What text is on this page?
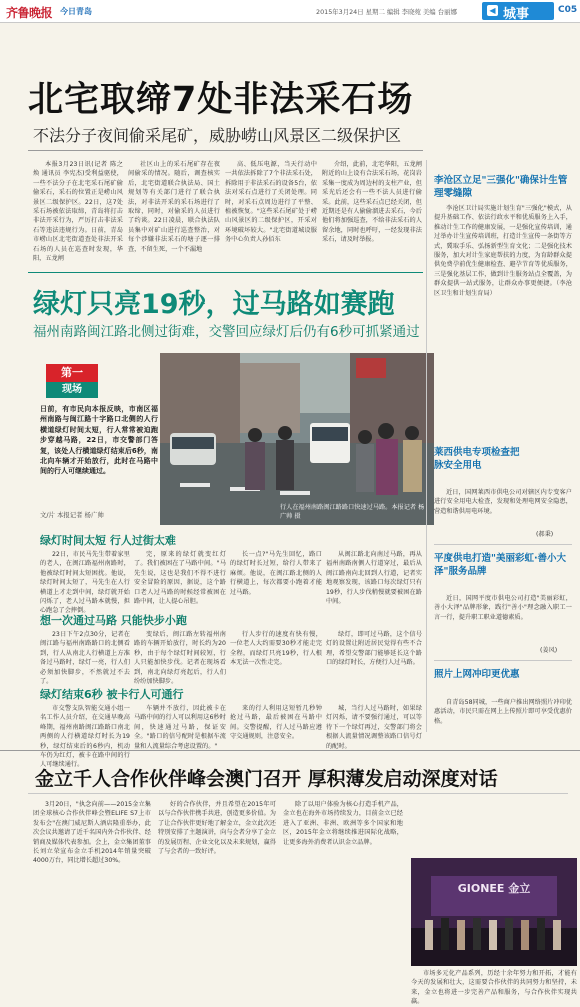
齐鲁晚报 今日青岛	2015年3月24日 星期二 编辑 李晓菀 美编 台丽娜	◀ 城事	C05
北宅取缔7处非法采石场
不法分子夜间偷采尾矿，威胁崂山风景区二级保护区

本报3月23日讯(记者 陈之焕 通讯员 李宪杰)受利益驱使，一些不法分子在北宅采石尾矿偷偷采石，采石的位置正是崂山风景区二级保护区。22日，这7处采石场被依法取缔，青岛将打击非法开采行为，严厉打击非法采石等违法违规行为。日前，青岛市崂山区北宅街道查处非法开采石场的人员在巡查时发现，华阳，五龙闸

社区山上的采石尾矿存在夜间偷采的情况。随后，调查核实后，北宅街道联合执法局、国土规划等有关部门进行了联合执法，对非法开采的采石场进行了取缔，同时，对偷采的人员进行了约谈。22日凌晨，联合执法队员集中对矿山进行巡查整治，对每个涉嫌非法采石的塘子逐一排查，不留生死，一个不漏地

高、低压电源，当天行动中一共依法拆除了7个非法采石处，拆除用于非法采石的设备5台，依法对采石点进行了关闭处理。同时，对采石点周边进行了平整、植被恢复。"这些采石尾矿处于崂山风景区的二级保护区，开采对环境破坏较大。"北宅街道城设服务中心负责人孙佰东

介绍，此前，北宅华阳，五龙闸附近的山上设有合法采石场，花岗岩采集一度成为周边村的支柱产业，但采光后还会有一些不法人员进行偷采。此前，这些采石点已经关闭，但近期还是有人偷偷溜进去采石，今后他们将加强巡查，不给非法采石的人留余地，同时也呼吁，一经发现非法采石，请及时举报。

绿灯只亮19秒，过马路如赛跑
福州南路闽江路北侧过街难，交警回应绿灯后仍有6秒可抓紧通过
第一
现场
日前，有市民向本报反映，市南区福州南路与闽江路十字路口北侧的人行横道绿灯时间太短，行人常常被迫跑步穿越马路，22日，市交警部门答复，该处人行横道绿灯结束后6秒，南北向车辆才开始放行，此时在马路中间的行人可继续通过。
文/片 本报记者 杨广帅
行人在福州南路闽江路路口快速过马路。本报记者 杨广帅 摄
绿灯时间太短 行人过街太难

22日，市民马先生带着家里的老人，在闽江路福州南路时，他被绿灯时间太短困扰。他说，绿灯时间太短了，马先生在人行横道上才走到中间，绿灯就开始闪烁了，老人过马路本就慢，担心跑急了会摔倒。

完，原来的绿灯就变红灯了。我们被困在了马路中间。"马先生说，这也是我们不得不进行安全冒险的原因，据说，这个路口老人过马路的时候经常被困在路中间，让人提心吊胆。

长一点?"马先生回忆，路口的绿灯时长过短，给行人带来了麻烦。他说，在闽江路北侧的人行横道上，每次都要小跑着才能过马路。

从闽江路北向南过马路，再从福州南路南侧人行道穿过，最后从闽江路南向北回到人行道，记者实地观察发现，该路口每次绿灯只有19秒，行人步伐稍慢就要被困在路中间。

想一次通过马路 只能快步小跑

23日下午2点30分，记者在闽江路与福州南路路口的北侧看到，行人从南北人行横道上方准备过马路时，绿灯一亮，行人们必须加快脚步，不然就过不去了。

变绿后，闽江路左转福州南路的车辆开始放行，时长约为20秒，由于每个绿灯时间较短，行人只能加快步伐。记者在现场看到，南北向绿灯亮起后，行人们纷纷加快脚步。

行人步行的速度有快有慢，一位老人大约需要30秒才能走完全程，而绿灯只亮19秒，行人根本无法一次性走完。

绿灯，即可过马路，这个信号灯的设置让附近居民觉得有些不合理，希望交警部门能够延长这个路口的绿灯时长，方便行人过马路。

绿灯结束6秒 被卡行人可通行

市交警支队智能交通小组一名工作人员介绍，在交通早晚高峰期，福州南路闽江路路口南北两侧的人行横道绿灯时长为19秒，绿灯结束后的6秒内，机动车仍为红灯，被卡在路中间的行人可继续通行。

车辆并不放行，因此被卡在马路中间的行人可以利用这6秒时间，快速通过马路，保证安全。"路口的信号配时是根据车流量和人流量综合考虑设置的。"

来的行人利用这短暂几秒钟抢过马路，最后被困在马路中间。交警提醒，行人过马路应遵守交通规则，注意安全。

城，当行人过马路时，如果绿灯闪烁，请不要强行通过，可以等待下一个绿灯再过，交警部门将会根据人流量情况调整该路口信号灯的配时。

李沧区立足"三强化"确保计生管理零缝隙

李沧区卫计局实施计划生育"三强化"模式，从提升基础工作、依法行政水平和优质服务上入手，推动计生工作的健康发展，一是强化宣传培训，通过举办计生宣传培训班，打造计生宣传一条街等方式，冀取手乐、弘扬新型生育文化；二是强化技术服务，加大对计生家庭帮扶的力度，为育龄群众提供免费孕前优生健康检查、避孕节育等优质服务，三是强化基层工作，做到计生服务站点全覆盖，为群众提供一站式服务，让群众办事更便捷。（李沧区卫生和计划生育局）

莱西供电专项检查把脉安全用电

近日，国网莱西市供电公司对辖区内专变客户进行安全用电大检查，发现和处理电网安全隐患，营造和谐供用电环境。

(郝秉)
平度供电打造"美丽彩虹·善小大泽"服务品牌

近日，国网平度市供电公司打造"美丽彩虹，善小大泽"品牌形象，践行"善小"理念融入职工一言一行，提升职工职业道德素质。

(姜风)
照片上网冲印更优惠

自青岛58同城，一些商户推出网络照片冲印优惠活动，市民只需在网上上传照片即可享受优惠价格。

金立千人合作伙伴峰会澳门召开 厚积薄发启动深度对话

3月20日，"执念向前——2015金立集团全球核心合作伙伴峰会暨ELIFE S7上市发布会"在澳门威尼斯人酒店隆重举办，此次会议共邀请了近千名国内外合作伙伴、经销商及媒体代表参加。会上，金立集团董事长刘立荣宣布金立手机2014年销量突破4000万台，同比增长超过30%。

好的合作伙伴，并且希望在2015年可以与合作伙伴携手共进，创造更多价值。为了让合作伙伴更好地了解金立，金立此次还特别安排了主题演讲，向与会者分享了金立的发展历程、企业文化以及未来规划，赢得了与会者的一致好评。

除了以用户体验为核心打造手机产品，金立也在海外市场持续发力，目前金立已经进入了亚洲、非洲、欧洲等多个国家和地区，2015年金立将继续推进国际化战略，让更多海外消费者认识金立品牌。

GIONEE 金立

市场多元化产品系列，历经十余年努力和开拓，才能有今天的发展和壮大，这需要合作伙伴的共同努力和坚持，未来，金立也将进一步完善产品和服务，与合作伙伴实现共赢。
